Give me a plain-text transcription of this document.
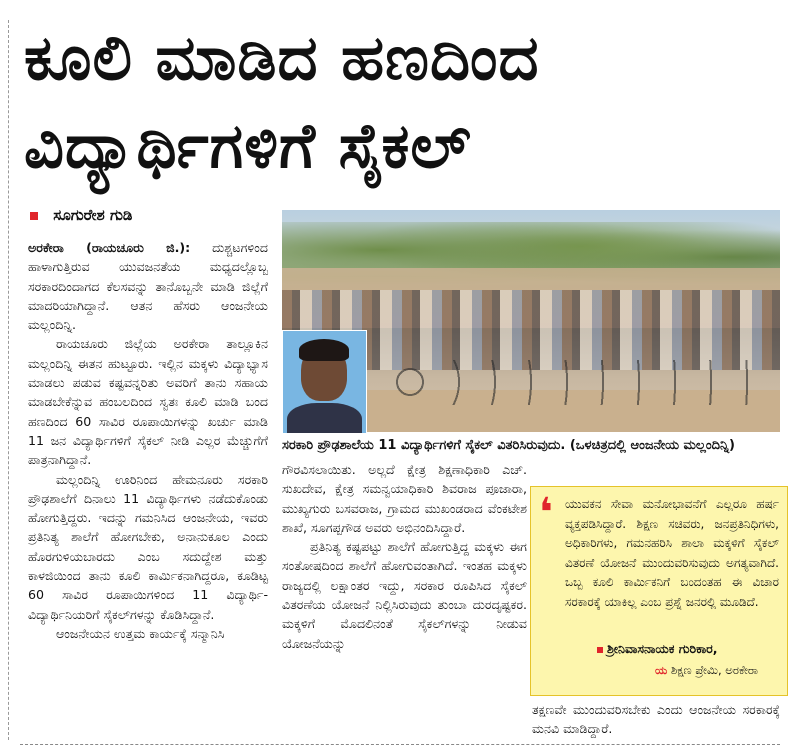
ಕೂಲಿ ಮಾಡಿದ ಹಣದಿಂದ
ವಿದ್ಯಾರ್ಥಿಗಳಿಗೆ ಸೈಕಲ್
ಸೂಗುರೇಶ ಗುಡಿ

ಅರಕೇರಾ (ರಾಯಚೂರು ಜಿ.): ದುಶ್ಚಟಗಳಿಂದ ಹಾಳಾಗುತ್ತಿರುವ ಯುವಜನತೆಯ ಮಧ್ಯದಲ್ಲೊಬ್ಬ ಸರಕಾರದಿಂದಾಗದ ಕೆಲಸವನ್ನು ತಾನೊಬ್ಬನೇ ಮಾಡಿ ಜಿಲ್ಲೆಗೆ ಮಾದರಿಯಾಗಿದ್ದಾನೆ. ಆತನ ಹೆಸರು ಆಂಜನೇಯ ಮಲ್ಲಂದಿನ್ನಿ.

ರಾಯಚೂರು ಜಿಲ್ಲೆಯ ಅರಕೇರಾ ತಾಲ್ಲೂಕಿನ ಮಲ್ಲಂದಿನ್ನಿ ಈತನ ಹುಟ್ಟೂರು. ಇಲ್ಲಿನ ಮಕ್ಕಳು ವಿದ್ಯಾಭ್ಯಾಸ ಮಾಡಲು ಪಡುವ ಕಷ್ಟವನ್ನರಿತು ಅವರಿಗೆ ತಾನು ಸಹಾಯ ಮಾಡಬೇಕೆನ್ನುವ ಹಂಬಲದಿಂದ ಸ್ವತಃ ಕೂಲಿ ಮಾಡಿ ಬಂದ ಹಣದಿಂದ 60 ಸಾವಿರ ರೂಪಾಯಿಗಳನ್ನು ಖರ್ಚು ಮಾಡಿ 11 ಜನ ವಿದ್ಯಾರ್ಥಿಗಳಿಗೆ ಸೈಕಲ್ ನೀಡಿ ಎಲ್ಲರ ಮೆಚ್ಚುಗೆಗೆ ಪಾತ್ರನಾಗಿದ್ದಾನೆ.

ಮಲ್ಲಂದಿನ್ನಿ ಊರಿನಿಂದ ಹೇಮನೂರು ಸರಕಾರಿ ಪ್ರೌಢಶಾಲೆಗೆ ದಿನಾಲು 11 ವಿದ್ಯಾರ್ಥಿಗಳು ನಡೆದುಕೊಂಡು ಹೋಗುತ್ತಿದ್ದರು. ಇದನ್ನು ಗಮನಿಸಿದ ಆಂಜನೇಯ, ಇವರು ಪ್ರತಿನಿತ್ಯ ಶಾಲೆಗೆ ಹೋಗಬೇಕು, ಅನಾನುಕೂಲ ಎಂದು ಹೊರಗುಳಿಯಬಾರದು ಎಂಬ ಸದುದ್ದೇಶ ಮತ್ತು ಕಾಳಜಿಯಿಂದ ತಾನು ಕೂಲಿ ಕಾರ್ಮಿಕನಾಗಿದ್ದರೂ, ಕೂಡಿಟ್ಟ 60 ಸಾವಿರ ರೂಪಾಯಿಗಳಿಂದ 11 ವಿದ್ಯಾರ್ಥಿ-ವಿದ್ಯಾರ್ಥಿನಿಯರಿಗೆ ಸೈಕಲ್‌ಗಳನ್ನು ಕೊಡಿಸಿದ್ದಾನೆ.

ಆಂಜನೇಯನ ಉತ್ತಮ ಕಾರ್ಯಕ್ಕೆ ಸನ್ಮಾನಿಸಿ

ಸರಕಾರಿ ಪ್ರೌಢಶಾಲೆಯ 11 ವಿದ್ಯಾರ್ಥಿಗಳಿಗೆ ಸೈಕಲ್ ವಿತರಿಸಿರುವುದು. (ಒಳಚಿತ್ರದಲ್ಲಿ ಆಂಜನೇಯ ಮಲ್ಲಂದಿನ್ನಿ)

ಗೌರವಿಸಲಾಯಿತು. ಅಲ್ಲದೆ ಕ್ಷೇತ್ರ ಶಿಕ್ಷಣಾಧಿಕಾರಿ ಎಚ್. ಸುಖದೇವ, ಕ್ಷೇತ್ರ ಸಮನ್ವಯಾಧಿಕಾರಿ ಶಿವರಾಜ ಪೂಜಾರಾ, ಮುಖ್ಯಗುರು ಬಸವರಾಜ, ಗ್ರಾಮದ ಮುಖಂಡರಾದ ವೆಂಕಟೇಶ ಶಾಖೆ, ಸೂಗಪ್ಪಗೌಡ ಅವರು ಅಭಿನಂದಿಸಿದ್ದಾರೆ.

ಪ್ರತಿನಿತ್ಯ ಕಷ್ಟಪಟ್ಟು ಶಾಲೆಗೆ ಹೋಗುತ್ತಿದ್ದ ಮಕ್ಕಳು ಈಗ ಸಂತೋಷದಿಂದ ಶಾಲೆಗೆ ಹೋಗುವಂತಾಗಿದೆ. ಇಂತಹ ಮಕ್ಕಳು ರಾಜ್ಯದಲ್ಲಿ ಲಕ್ಷಾಂತರ ಇದ್ದು, ಸರಕಾರ ರೂಪಿಸಿದ ಸೈಕಲ್ ವಿತರಣೆಯ ಯೋಜನೆ ನಿಲ್ಲಿಸಿರುವುದು ತುಂಬಾ ದುರದೃಷ್ಟಕರ. ಮಕ್ಕಳಿಗೆ ಮೊದಲಿನಂತೆ ಸೈಕಲ್‌ಗಳನ್ನು ನೀಡುವ ಯೋಜನೆಯನ್ನು

❛ ಯುವಕನ ಸೇವಾ ಮನೋಭಾವನೆಗೆ ಎಲ್ಲರೂ ಹರ್ಷ ವ್ಯಕ್ತಪಡಿಸಿದ್ದಾರೆ. ಶಿಕ್ಷಣ ಸಚಿವರು, ಜನಪ್ರತಿನಿಧಿಗಳು, ಅಧಿಕಾರಿಗಳು, ಗಮನಹರಿಸಿ ಶಾಲಾ ಮಕ್ಕಳಿಗೆ ಸೈಕಲ್ ವಿತರಣೆ ಯೋಜನೆ ಮುಂದುವರಿಸುವುದು ಅಗತ್ಯವಾಗಿದೆ. ಒಬ್ಬ ಕೂಲಿ ಕಾರ್ಮಿಕನಿಗೆ ಬಂದಂತಹ ಈ ವಿಚಾರ ಸರಕಾರಕ್ಕೆ ಯಾಕಿಲ್ಲ ಎಂಬ ಪ್ರಶ್ನೆ ಜನರಲ್ಲಿ ಮೂಡಿದೆ.
ಶ್ರೀನಿವಾಸನಾಯಕ ಗುರಿಕಾರ,
ಯ ಶಿಕ್ಷಣ ಪ್ರೇಮಿ, ಅರಕೇರಾ
ತಕ್ಷಣವೇ ಮುಂದುವರಿಸಬೇಕು ಎಂದು ಆಂಜನೇಯ ಸರಕಾರಕ್ಕೆ ಮನವಿ ಮಾಡಿದ್ದಾರೆ.
